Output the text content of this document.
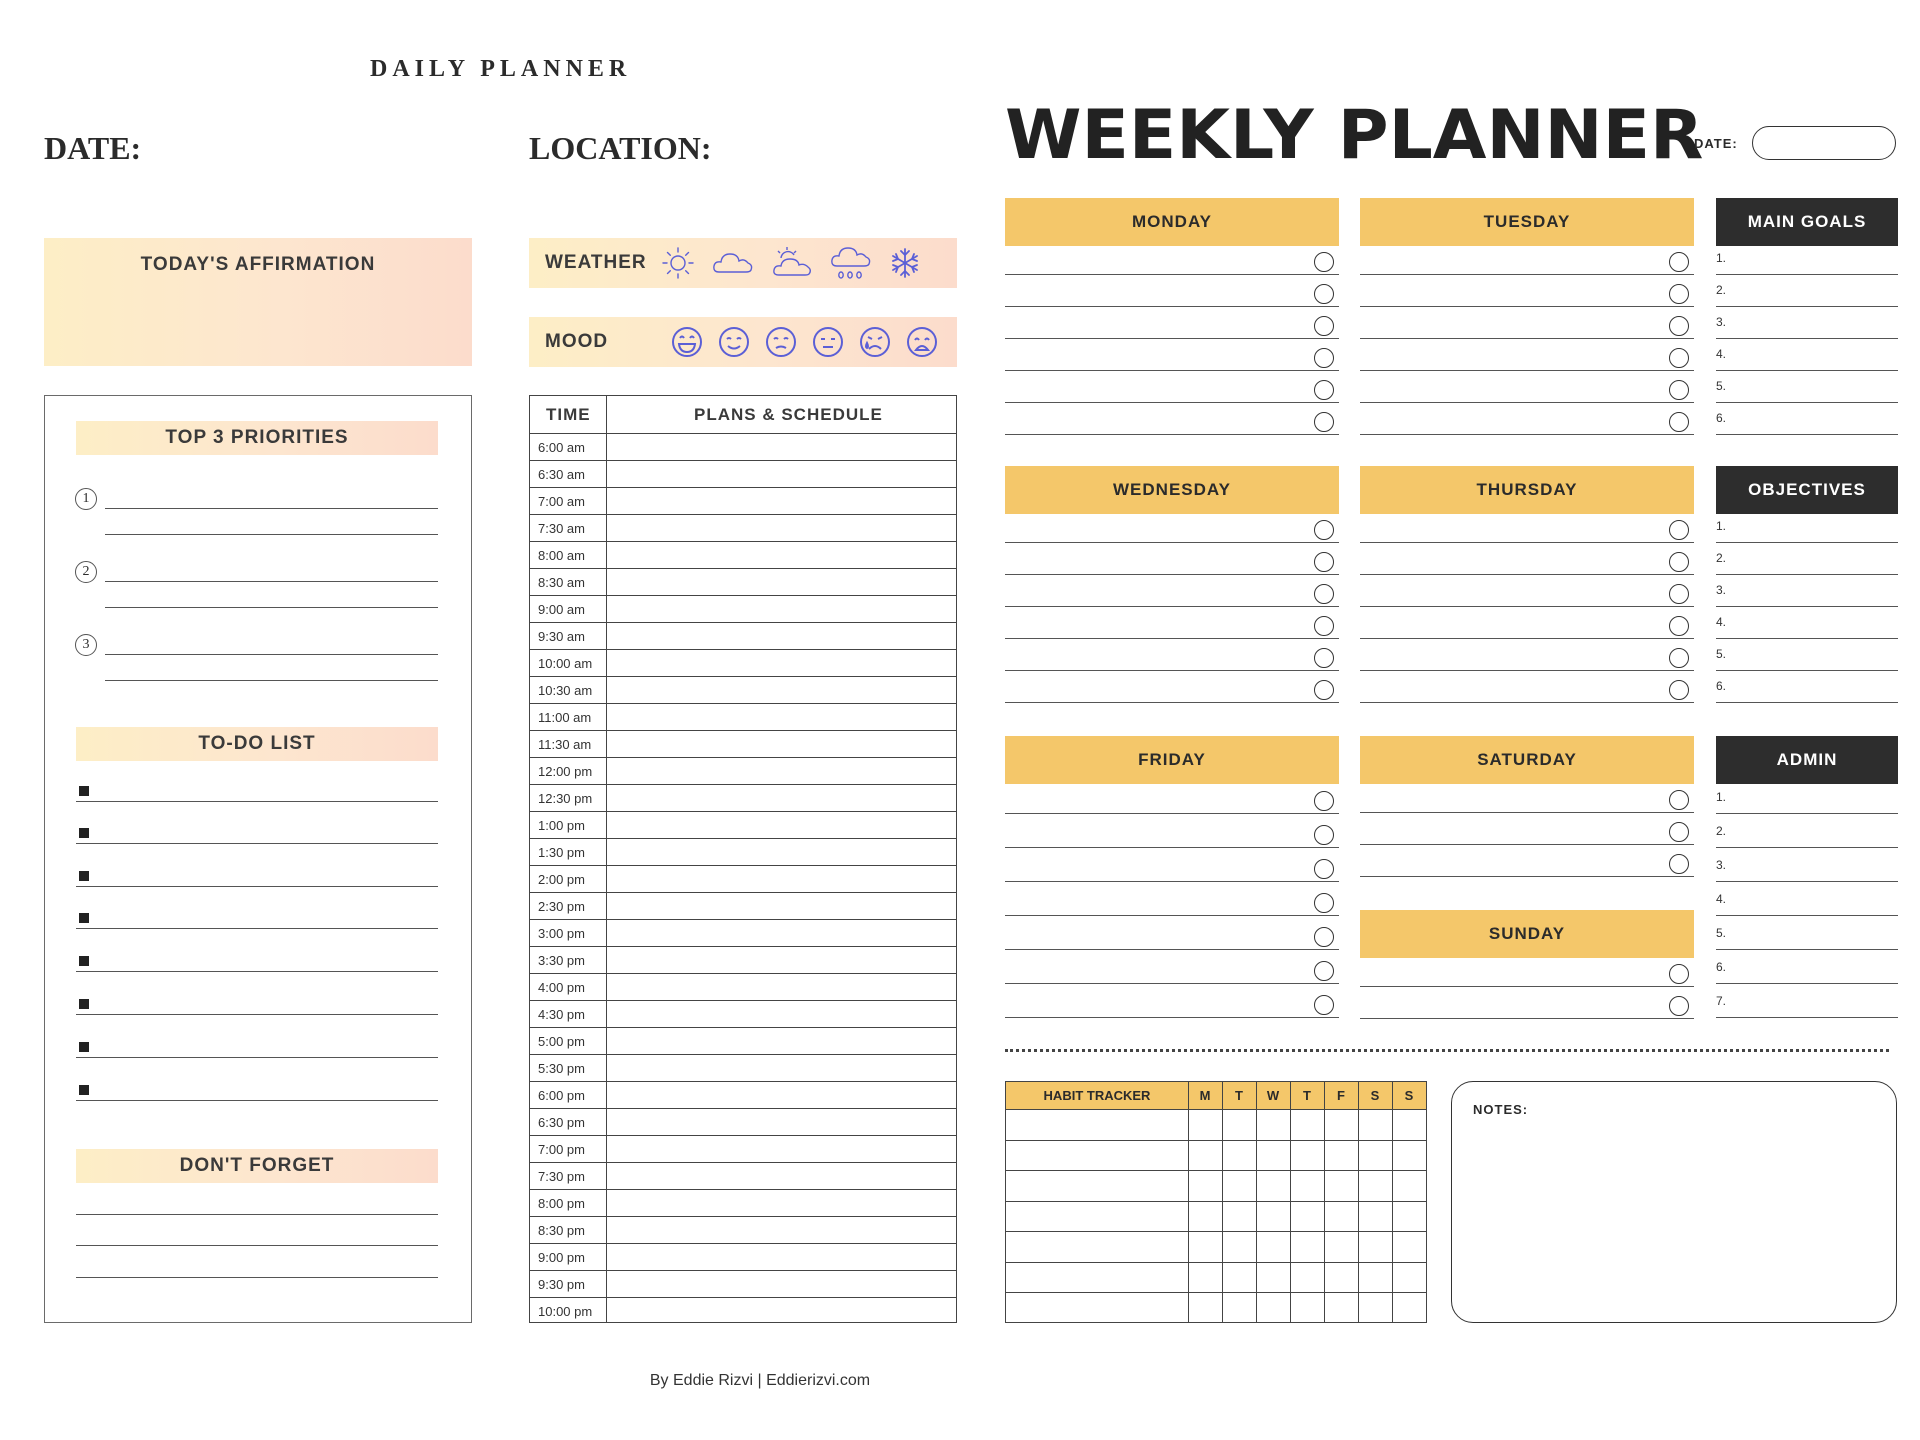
DAILY PLANNER
DATE:	LOCATION:
TODAY'S AFFIRMATION	WEATHER
MOOD
TOP 3 PRIORITIES
1
2
3
TO-DO LIST
DON'T FORGET
TIME	PLANS & SCHEDULE
6:00 am
6:30 am
7:00 am
7:30 am
8:00 am
8:30 am
9:00 am
9:30 am
10:00 am
10:30 am
11:00 am
11:30 am
12:00 pm
12:30 pm
1:00 pm
1:30 pm
2:00 pm
2:30 pm
3:00 pm
3:30 pm
4:00 pm
4:30 pm
5:00 pm
5:30 pm
6:00 pm
6:30 pm
7:00 pm
7:30 pm
8:00 pm
8:30 pm
9:00 pm
9:30 pm
10:00 pm
WEEKLY PLANNER
DATE:
MONDAY	TUESDAY	MAIN GOALS
1.
2.
3.
4.
5.
6.
WEDNESDAY	THURSDAY	OBJECTIVES
1.
2.
3.
4.
5.
6.
FRIDAY	SATURDAY
SUNDAY
ADMIN
1.
2.
3.
4.
5.
6.
7.
HABIT TRACKER	M	T	W	T	F	S	S
NOTES:
By Eddie Rizvi | Eddierizvi.com
